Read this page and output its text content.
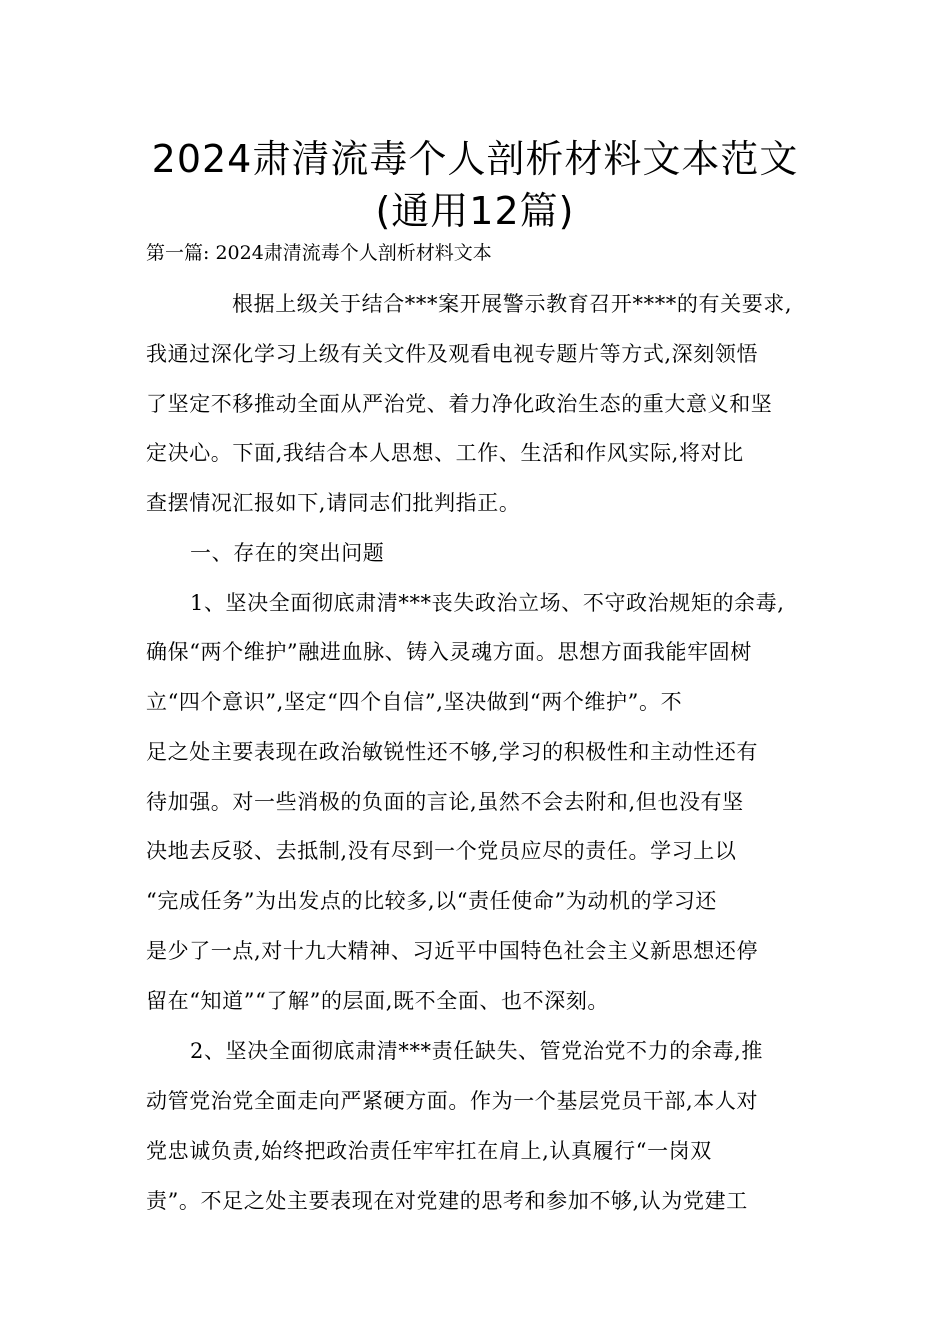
2024肃清流毒个人剖析材料文本范文
(通用12篇)

第一篇: 2024肃清流毒个人剖析材料文本

根据上级关于结合***案开展警示教育召开****的有关要求,

我通过深化学习上级有关文件及观看电视专题片等方式,深刻领悟

了坚定不移推动全面从严治党、着力净化政治生态的重大意义和坚

定决心。下面,我结合本人思想、工作、生活和作风实际,将对比

查摆情况汇报如下,请同志们批判指正。

一、存在的突出问题

1、坚决全面彻底肃清***丧失政治立场、不守政治规矩的余毒,

确保“两个维护”融进血脉、铸入灵魂方面。思想方面我能牢固树

立“四个意识”,坚定“四个自信”,坚决做到“两个维护”。不

足之处主要表现在政治敏锐性还不够,学习的积极性和主动性还有

待加强。对一些消极的负面的言论,虽然不会去附和,但也没有坚

决地去反驳、去抵制,没有尽到一个党员应尽的责任。学习上以

“完成任务”为出发点的比较多,以“责任使命”为动机的学习还

是少了一点,对十九大精神、习近平中国特色社会主义新思想还停

留在“知道”“了解”的层面,既不全面、也不深刻。

2、坚决全面彻底肃清***责任缺失、管党治党不力的余毒,推

动管党治党全面走向严紧硬方面。作为一个基层党员干部,本人对

党忠诚负责,始终把政治责任牢牢扛在肩上,认真履行“一岗双

责”。不足之处主要表现在对党建的思考和参加不够,认为党建工
